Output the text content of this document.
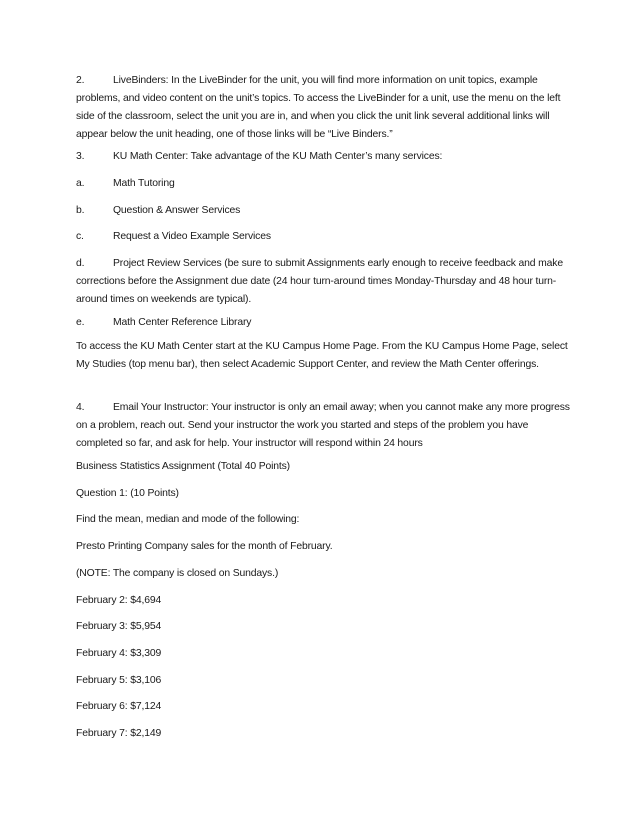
2.	LiveBinders: In the LiveBinder for the unit, you will find more information on unit topics, example problems, and video content on the unit’s topics. To access the LiveBinder for a unit, use the menu on the left side of the classroom, select the unit you are in, and when you click the unit link several additional links will appear below the unit heading, one of those links will be “Live Binders.”

3.	KU Math Center: Take advantage of the KU Math Center’s many services:

a.	Math Tutoring

b.	Question & Answer Services

c.	Request a Video Example Services

d.	Project Review Services (be sure to submit Assignments early enough to receive feedback and make corrections before the Assignment due date (24 hour turn-around times Monday-Thursday and 48 hour turn-around times on weekends are typical).

e.	Math Center Reference Library

To access the KU Math Center start at the KU Campus Home Page. From the KU Campus Home Page, select My Studies (top menu bar), then select Academic Support Center, and review the Math Center offerings.

4.	Email Your Instructor: Your instructor is only an email away; when you cannot make any more progress on a problem, reach out. Send your instructor the work you started and steps of the problem you have completed so far, and ask for help. Your instructor will respond within 24 hours

Business Statistics Assignment (Total 40 Points)

Question 1: (10 Points)

Find the mean, median and mode of the following:

Presto Printing Company sales for the month of February.

(NOTE: The company is closed on Sundays.)

February 2: $4,694

February 3: $5,954

February 4: $3,309

February 5: $3,106

February 6: $7,124

February 7: $2,149
